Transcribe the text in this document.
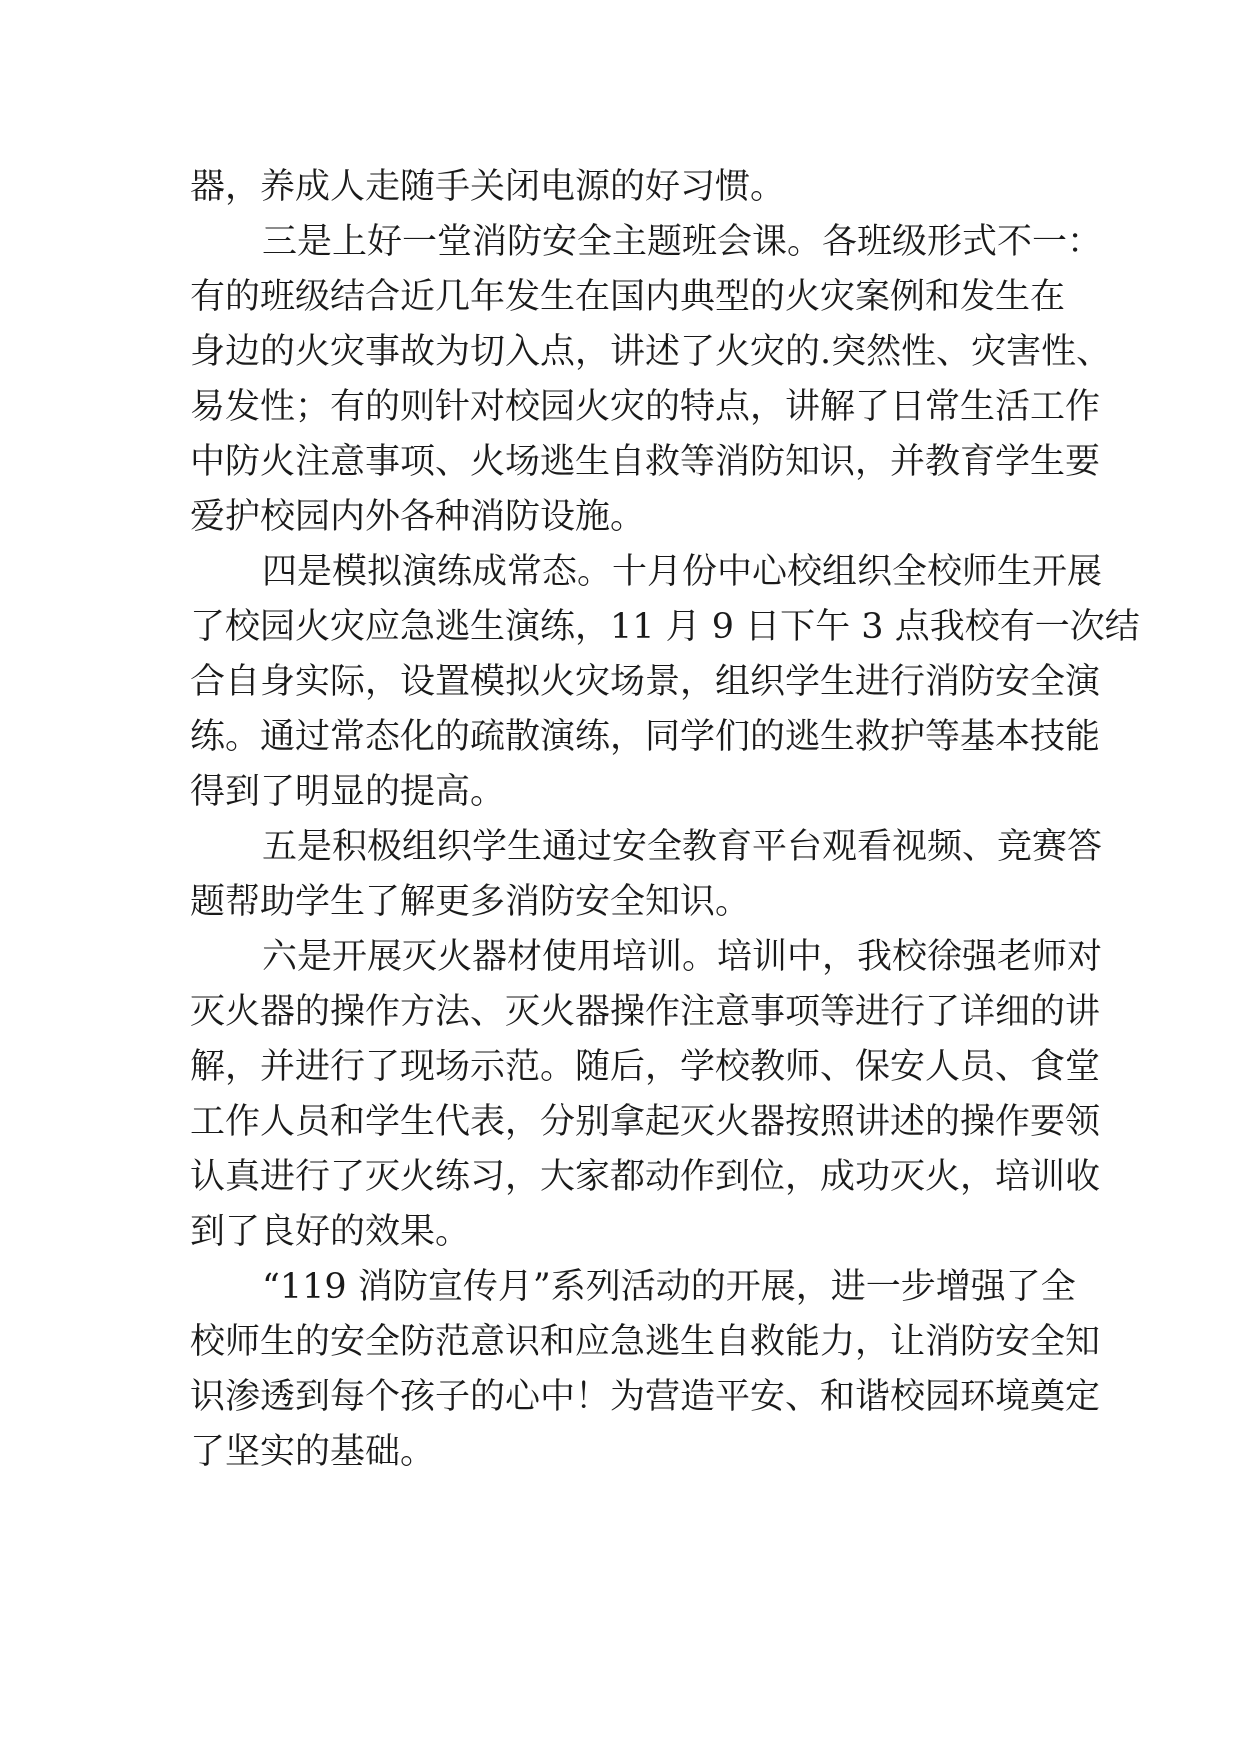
器，养成人走随手关闭电源的好习惯。
三是上好一堂消防安全主题班会课。各班级形式不一：
有的班级结合近几年发生在国内典型的火灾案例和发生在
身边的火灾事故为切入点，讲述了火灾的.突然性、灾害性、
易发性；有的则针对校园火灾的特点，讲解了日常生活工作
中防火注意事项、火场逃生自救等消防知识，并教育学生要
爱护校园内外各种消防设施。
四是模拟演练成常态。十月份中心校组织全校师生开展
了校园火灾应急逃生演练，11 月 9 日下午 3 点我校有一次结
合自身实际，设置模拟火灾场景，组织学生进行消防安全演
练。通过常态化的疏散演练，同学们的逃生救护等基本技能
得到了明显的提高。
五是积极组织学生通过安全教育平台观看视频、竞赛答
题帮助学生了解更多消防安全知识。
六是开展灭火器材使用培训。培训中，我校徐强老师对
灭火器的操作方法、灭火器操作注意事项等进行了详细的讲
解，并进行了现场示范。随后，学校教师、保安人员、食堂
工作人员和学生代表，分别拿起灭火器按照讲述的操作要领
认真进行了灭火练习，大家都动作到位，成功灭火，培训收
到了良好的效果。
“119 消防宣传月”系列活动的开展，进一步增强了全
校师生的安全防范意识和应急逃生自救能力，让消防安全知
识渗透到每个孩子的心中！为营造平安、和谐校园环境奠定
了坚实的基础。
